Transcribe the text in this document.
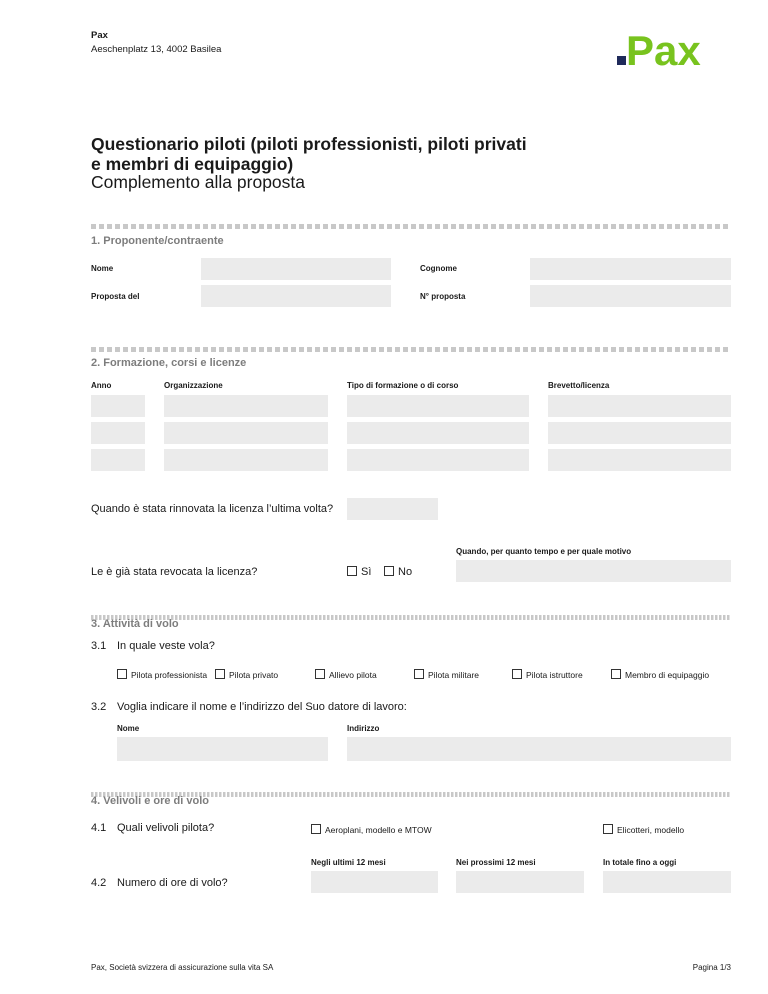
Pax
Aeschenplatz 13, 4002 Basilea	Pax
Questionario piloti (piloti professionisti, piloti privati
e membri di equipaggio)
Complemento alla proposta
1. Proponente/contraente
Nome	Cognome
Proposta del	N° proposta
2. Formazione, corsi e licenze
Anno	Organizzazione	Tipo di formazione o di corso	Brevetto/licenza
Quando è stata rinnovata la licenza l’ultima volta?
Quando, per quanto tempo e per quale motivo
Le è già stata revocata la licenza?	Sì No
3. Attività di volo
3.1 In quale veste vola?
Pilota professionista	Pilota privato	Allievo pilota	Pilota militare	Pilota istruttore	Membro di equipaggio
3.2 Voglia indicare il nome e l’indirizzo del Suo datore di lavoro:
Nome	Indirizzo
4. Velivoli e ore di volo
4.1 Quali velivoli pilota?	Aeroplani, modello e MTOW	Elicotteri, modello
Negli ultimi 12 mesi	Nei prossimi 12 mesi	In totale fino a oggi
4.2 Numero di ore di volo?
Pax, Società svizzera di assicurazione sulla vita SA	Pagina 1/3
